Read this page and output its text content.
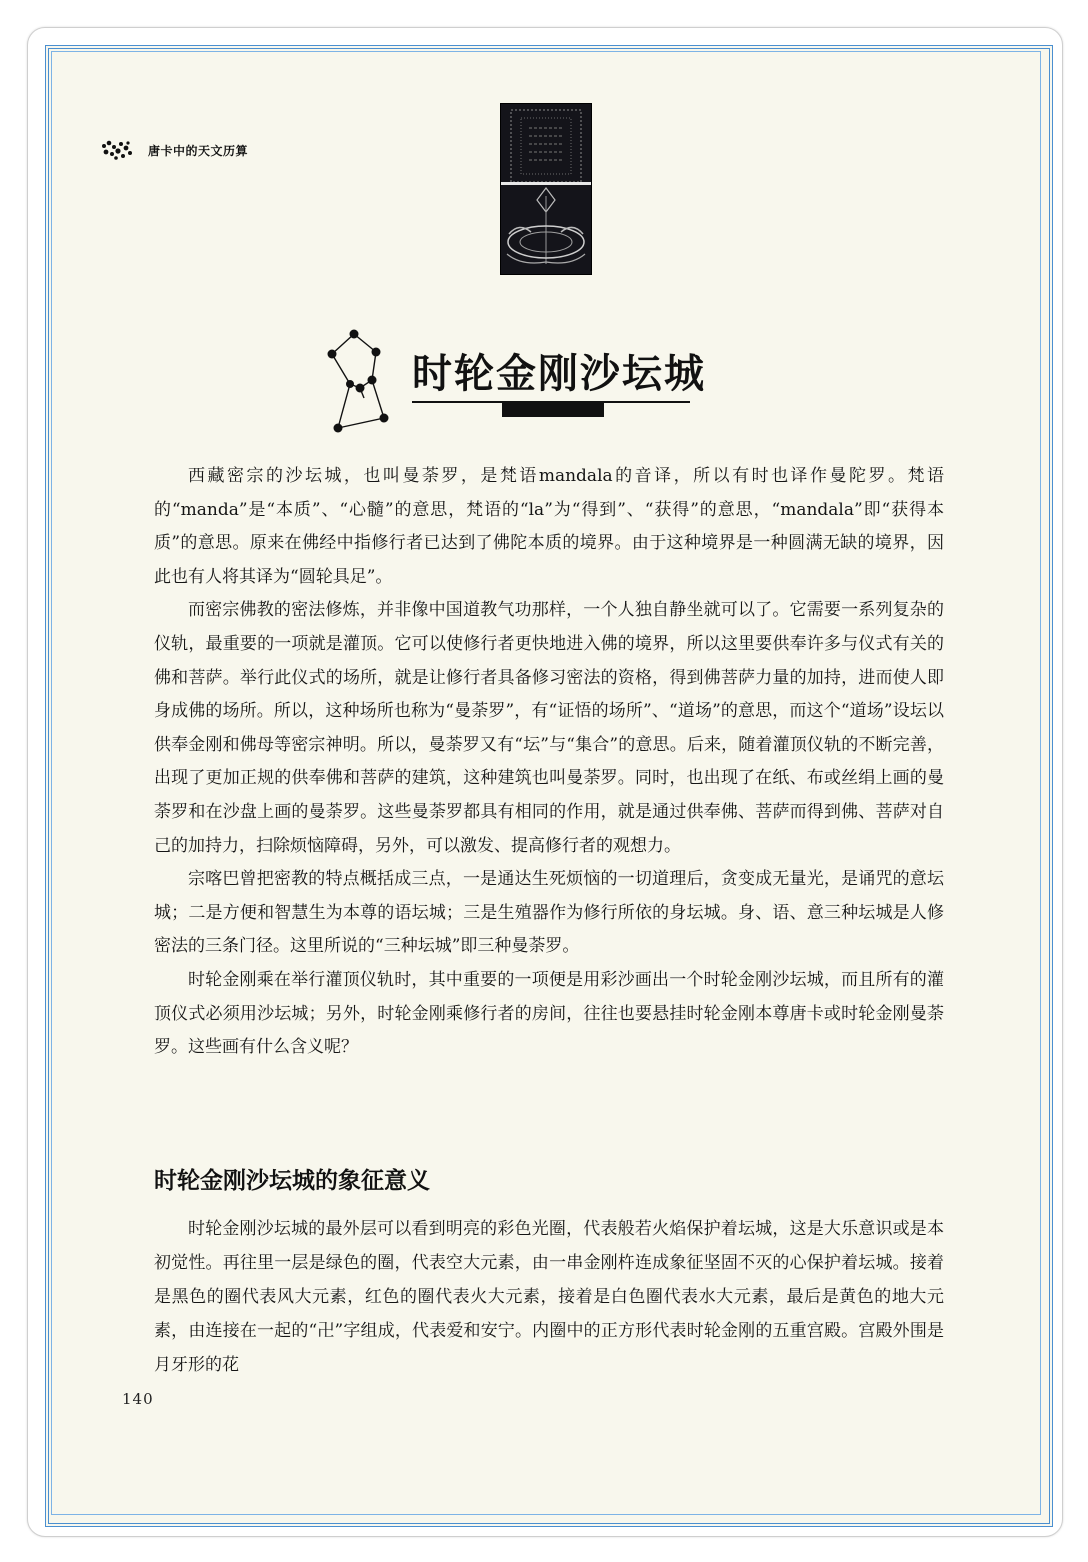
唐卡中的天文历算
时轮金刚沙坛城

西藏密宗的沙坛城，也叫曼荼罗，是梵语mandala的音译，所以有时也译作曼陀罗。梵语的“manda”是“本质”、“心髓”的意思，梵语的“la”为“得到”、“获得”的意思，“mandala”即“获得本质”的意思。原来在佛经中指修行者已达到了佛陀本质的境界。由于这种境界是一种圆满无缺的境界，因此也有人将其译为“圆轮具足”。

而密宗佛教的密法修炼，并非像中国道教气功那样，一个人独自静坐就可以了。它需要一系列复杂的仪轨，最重要的一项就是灌顶。它可以使修行者更快地进入佛的境界，所以这里要供奉许多与仪式有关的佛和菩萨。举行此仪式的场所，就是让修行者具备修习密法的资格，得到佛菩萨力量的加持，进而使人即身成佛的场所。所以，这种场所也称为“曼荼罗”，有“证悟的场所”、“道场”的意思，而这个“道场”设坛以供奉金刚和佛母等密宗神明。所以，曼荼罗又有“坛”与“集合”的意思。后来，随着灌顶仪轨的不断完善，出现了更加正规的供奉佛和菩萨的建筑，这种建筑也叫曼荼罗。同时，也出现了在纸、布或丝绢上画的曼荼罗和在沙盘上画的曼荼罗。这些曼荼罗都具有相同的作用，就是通过供奉佛、菩萨而得到佛、菩萨对自己的加持力，扫除烦恼障碍，另外，可以激发、提高修行者的观想力。

宗喀巴曾把密教的特点概括成三点，一是通达生死烦恼的一切道理后，贪变成无量光，是诵咒的意坛城；二是方便和智慧生为本尊的语坛城；三是生殖器作为修行所依的身坛城。身、语、意三种坛城是人修密法的三条门径。这里所说的“三种坛城”即三种曼荼罗。

时轮金刚乘在举行灌顶仪轨时，其中重要的一项便是用彩沙画出一个时轮金刚沙坛城，而且所有的灌顶仪式必须用沙坛城；另外，时轮金刚乘修行者的房间，往往也要悬挂时轮金刚本尊唐卡或时轮金刚曼荼罗。这些画有什么含义呢？

时轮金刚沙坛城的象征意义

时轮金刚沙坛城的最外层可以看到明亮的彩色光圈，代表般若火焰保护着坛城，这是大乐意识或是本初觉性。再往里一层是绿色的圈，代表空大元素，由一串金刚杵连成象征坚固不灭的心保护着坛城。接着是黑色的圈代表风大元素，红色的圈代表火大元素，接着是白色圈代表水大元素，最后是黄色的地大元素，由连接在一起的“卍”字组成，代表爱和安宁。内圈中的正方形代表时轮金刚的五重宫殿。宫殿外围是月牙形的花

140
